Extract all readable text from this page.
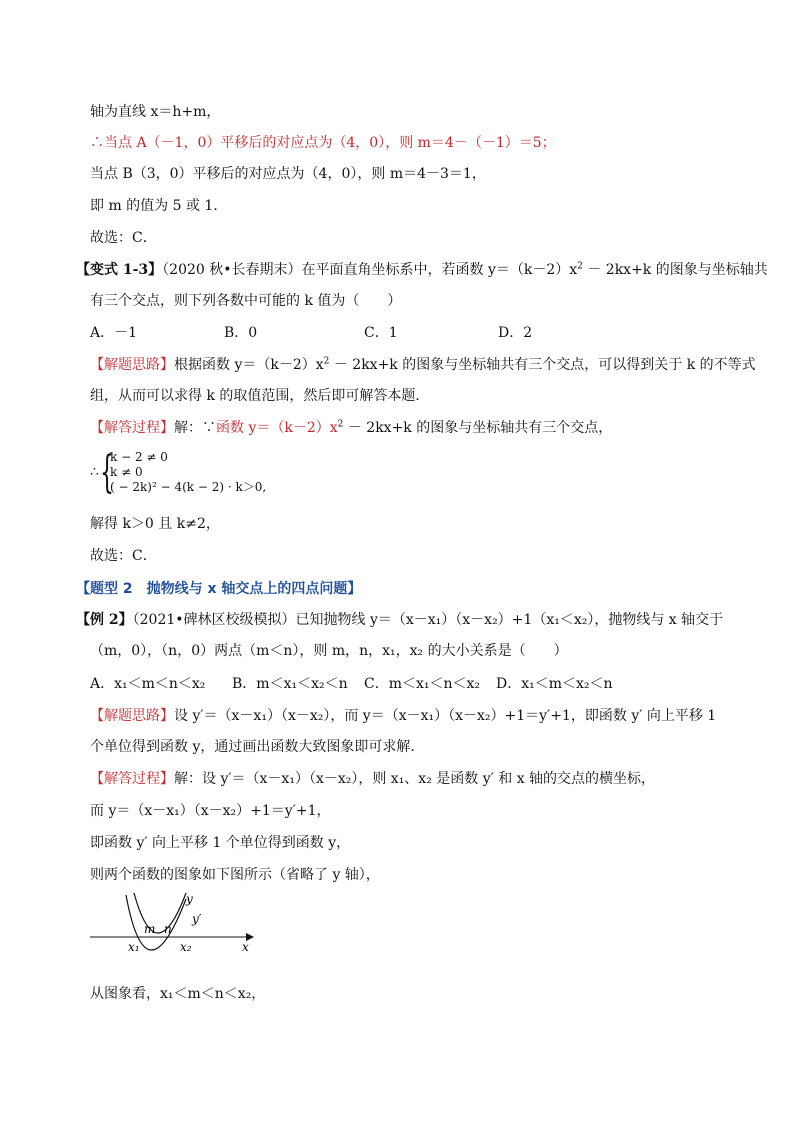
轴为直线 x＝h+m，
∴当点 A（－1，0）平移后的对应点为（4，0），则 m＝4－（－1）＝5；
当点 B（3，0）平移后的对应点为（4，0），则 m＝4－3＝1，
即 m 的值为 5 或 1．
故选：C．
【变式 1-3】（2020 秋•长春期末）在平面直角坐标系中，若函数 $y=(k-2)x^2 - 2kx+k$ 的图象与坐标轴共
有三个交点，则下列各数中可能的 k 值为（　　）
A．－1	B．0	C．1	D．2
【解题思路】根据函数 $y=(k-2)x^2 - 2kx+k$ 的图象与坐标轴共有三个交点，可以得到关于 k 的不等式
组，从而可以求得 k 的取值范围，然后即可解答本题．
【解答过程】解：∵函数 $y=(k-2)x^2 - 2kx+k$ 的图象与坐标轴共有三个交点，
∴ {
k − 2 ≠ 0
k ≠ 0
( − 2k)² − 4(k − 2) · k＞0,
解得 k＞0 且 k≠2，
故选：C．
【题型 2　抛物线与 x 轴交点上的四点问题】
【例 2】（2021•碑林区校级模拟）已知抛物线 y＝（x－x₁）（x－x₂）+1（x₁＜x₂），抛物线与 x 轴交于
（m，0），（n，0）两点（m＜n），则 m，n，x₁，x₂ 的大小关系是（　　）
A．x₁＜m＜n＜x₂ B．m＜x₁＜x₂＜n C．m＜x₁＜n＜x₂ D．x₁＜m＜x₂＜n
【解题思路】设 y′＝（x－x₁）（x－x₂），而 y＝（x－x₁）（x－x₂）+1＝y′+1，即函数 y′ 向上平移 1
个单位得到函数 y，通过画出函数大致图象即可求解．
【解答过程】解：设 y′＝（x－x₁）（x－x₂），则 x₁、x₂ 是函数 y′ 和 x 轴的交点的横坐标，
而 y＝（x－x₁）（x－x₂）+1＝y′+1，
即函数 y′ 向上平移 1 个单位得到函数 y，
则两个函数的图象如下图所示（省略了 y 轴），
y
y′
m n
x₁	x₂	x
从图象看，x₁＜m＜n＜x₂，
